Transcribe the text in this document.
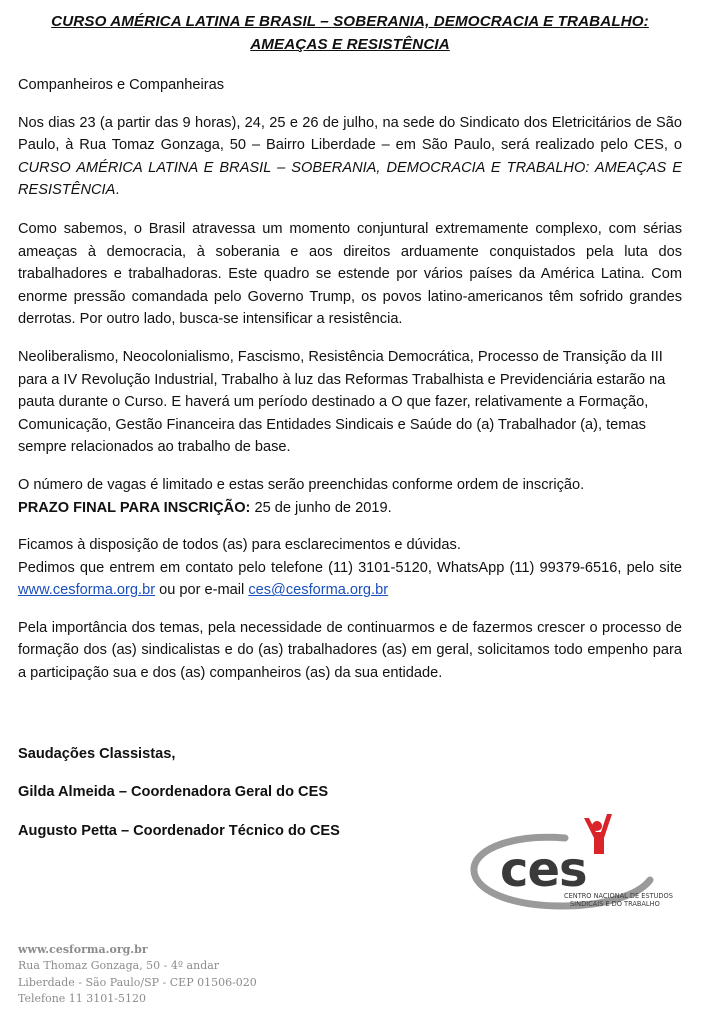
CURSO AMÉRICA LATINA E BRASIL – SOBERANIA, DEMOCRACIA E TRABALHO:
AMEAÇAS E RESISTÊNCIA

Companheiros e Companheiras

Nos dias 23 (a partir das 9 horas), 24, 25 e 26 de julho, na sede do Sindicato dos Eletricitários de São Paulo, à Rua Tomaz Gonzaga, 50 – Bairro Liberdade – em São Paulo, será realizado pelo CES, o CURSO AMÉRICA LATINA E BRASIL – SOBERANIA, DEMOCRACIA E TRABALHO: AMEAÇAS E RESISTÊNCIA.

Como sabemos, o Brasil atravessa um momento conjuntural extremamente complexo, com sérias ameaças à democracia, à soberania e aos direitos arduamente conquistados pela luta dos trabalhadores e trabalhadoras. Este quadro se estende por vários países da América Latina. Com enorme pressão comandada pelo Governo Trump, os povos latino-americanos têm sofrido grandes derrotas. Por outro lado, busca-se intensificar a resistência.

Neoliberalismo, Neocolonialismo, Fascismo, Resistência Democrática, Processo de Transição da III para a IV Revolução Industrial, Trabalho à luz das Reformas Trabalhista e Previdenciária estarão na pauta durante o Curso. E haverá um período destinado a O que fazer, relativamente a Formação, Comunicação, Gestão Financeira das Entidades Sindicais e Saúde do (a) Trabalhador (a), temas sempre relacionados ao trabalho de base.

O número de vagas é limitado e estas serão preenchidas conforme ordem de inscrição.
PRAZO FINAL PARA INSCRIÇÃO: 25 de junho de 2019.

Ficamos à disposição de todos (as) para esclarecimentos e dúvidas.
Pedimos que entrem em contato pelo telefone (11) 3101-5120, WhatsApp (11) 99379-6516, pelo site www.cesforma.org.br ou por e-mail ces@cesforma.org.br

Pela importância dos temas, pela necessidade de continuarmos e de fazermos crescer o processo de formação dos (as) sindicalistas e do (as) trabalhadores (as) em geral, solicitamos todo empenho para a participação sua e dos (as) companheiros (as) da sua entidade.

Saudações Classistas,

Gilda Almeida – Coordenadora Geral do CES

Augusto Petta – Coordenador Técnico do CES

ces
CENTRO NACIONAL DE ESTUDOS
SINDICAIS E DO TRABALHO
www.cesforma.org.br
Rua Thomaz Gonzaga, 50 - 4º andar
Liberdade - São Paulo/SP - CEP 01506-020
Telefone 11 3101-5120
